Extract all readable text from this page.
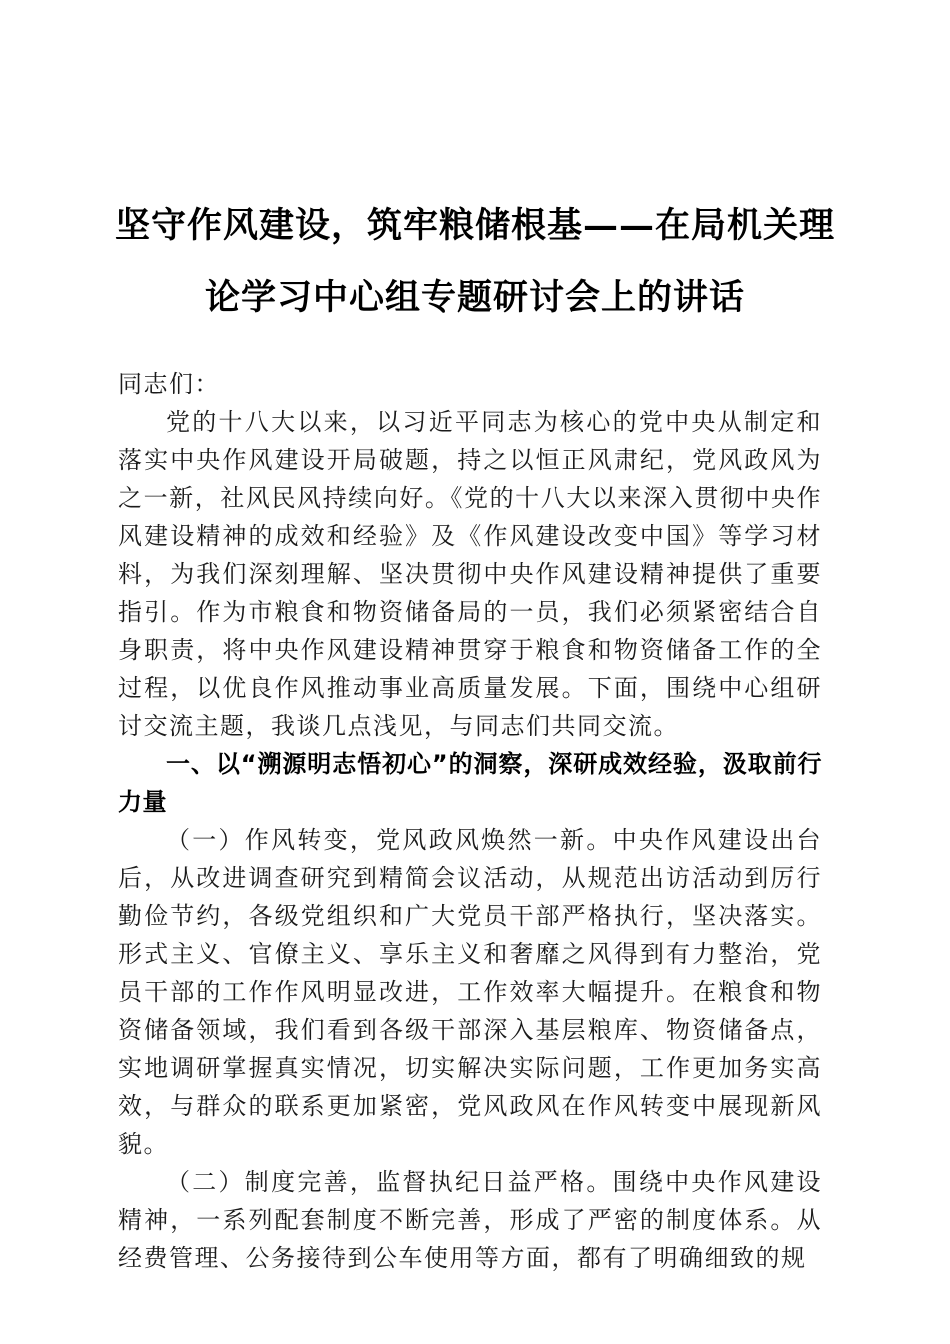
坚守作风建设，筑牢粮储根基——在局机关理
论学习中心组专题研讨会上的讲话

同志们：

党的十八大以来，以习近平同志为核心的党中央从制定和落实中央作风建设开局破题，持之以恒正风肃纪，党风政风为之一新，社风民风持续向好。《党的十八大以来深入贯彻中央作风建设精神的成效和经验》及《作风建设改变中国》等学习材料，为我们深刻理解、坚决贯彻中央作风建设精神提供了重要指引。作为市粮食和物资储备局的一员，我们必须紧密结合自身职责，将中央作风建设精神贯穿于粮食和物资储备工作的全过程，以优良作风推动事业高质量发展。下面，围绕中心组研讨交流主题，我谈几点浅见，与同志们共同交流。

一、以“溯源明志悟初心”的洞察，深研成效经验，汲取前行力量

（一）作风转变，党风政风焕然一新。中央作风建设出台后，从改进调查研究到精简会议活动，从规范出访活动到厉行勤俭节约，各级党组织和广大党员干部严格执行，坚决落实。形式主义、官僚主义、享乐主义和奢靡之风得到有力整治，党员干部的工作作风明显改进，工作效率大幅提升。在粮食和物资储备领域，我们看到各级干部深入基层粮库、物资储备点，实地调研掌握真实情况，切实解决实际问题，工作更加务实高效，与群众的联系更加紧密，党风政风在作风转变中展现新风貌。

（二）制度完善，监督执纪日益严格。围绕中央作风建设精神，一系列配套制度不断完善，形成了严密的制度体系。从经费管理、公务接待到公车使用等方面，都有了明确细致的规
